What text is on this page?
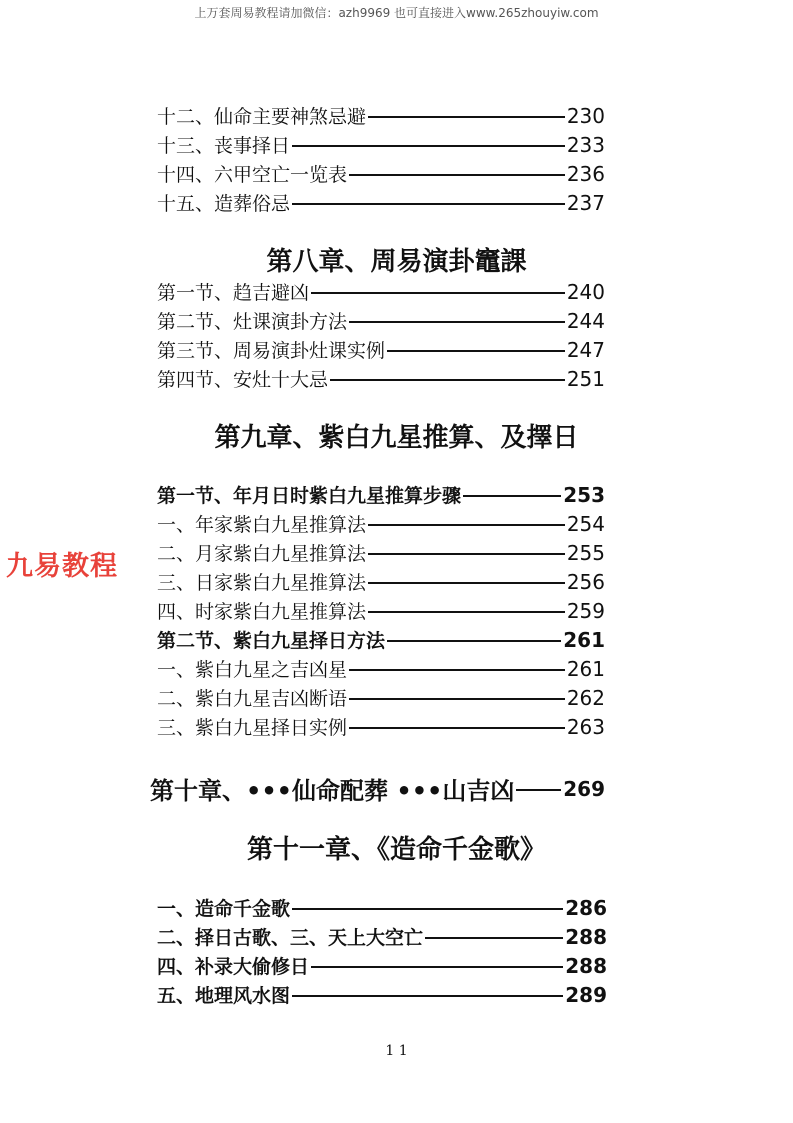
上万套周易教程请加微信：azh9969 也可直接进入www.265zhouyiw.com
九易教程
十二、仙命主要神煞忌避	230
十三、丧事择日	233
十四、六甲空亡一览表	236
十五、造葬俗忌	237
第八章、周易演卦竈課
第一节、趋吉避凶	240
第二节、灶课演卦方法	244
第三节、周易演卦灶课实例	247
第四节、安灶十大忌	251
第九章、紫白九星推算、及擇日
第一节、年月日时紫白九星推算步骤	253
一、年家紫白九星推算法	254
二、月家紫白九星推算法	255
三、日家紫白九星推算法	256
四、时家紫白九星推算法	259
第二节、紫白九星择日方法	261
一、紫白九星之吉凶星	261
二、紫白九星吉凶断语	262
三、紫白九星择日实例	263
第十章、•••仙命配葬 •••山吉凶 269
第十一章、《造命千金歌》
一、造命千金歌	286
二、择日古歌、三、天上大空亡	288
四、补录大偷修日	288
五、地理风水图	289
1 1
